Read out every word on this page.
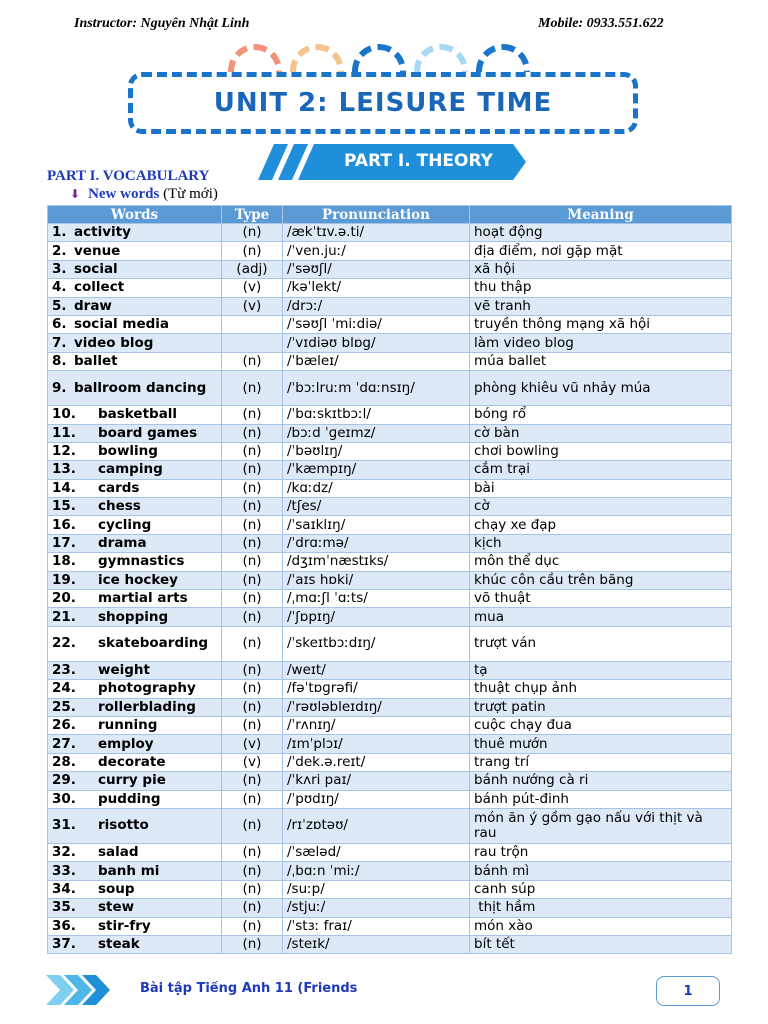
Instructor: Nguyên Nhật Linh	Mobile: 0933.551.622
UNIT 2: LEISURE TIME
PART I. THEORY
PART I. VOCABULARY
⬇ New words (Từ mới)
Words	Type	Pronunciation	Meaning
1. activity	(n)	/ækˈtɪv.ə.ti/	hoạt động
2. venue	(n)	/ˈven.juː/	địa điểm, nơi gặp mặt
3. social	(adj)	/ˈsəʊʃl/	xã hội
4. collect	(v)	/kəˈlekt/	thu thập
5. draw	(v)	/drɔː/	vẽ tranh
6. social media		/ˈsəʊʃl ˈmiːdiə/	truyền thông mạng xã hội
7. video blog		/ˈvɪdiəʊ blɒg/	làm video blog
8. ballet	(n)	/ˈbæleɪ/	múa ballet
9. ballroom dancing	(n)	/ˈbɔːlruːm ˈdɑːnsɪŋ/	phòng khiêu vũ nhảy múa
10. basketball	(n)	/ˈbɑːskɪtbɔːl/	bóng rổ
11. board games	(n)	/bɔːd ˈɡeɪmz/	cờ bàn
12. bowling	(n)	/ˈbəʊlɪŋ/	chơi bowling
13. camping	(n)	/ˈkæmpɪŋ/	cắm trại
14. cards	(n)	/kɑːdz/	bài
15. chess	(n)	/tʃes/	cờ
16. cycling	(n)	/ˈsaɪklɪŋ/	chạy xe đạp
17. drama	(n)	/ˈdrɑːmə/	kịch
18. gymnastics	(n)	/dʒɪmˈnæstɪks/	môn thể dục
19. ice hockey	(n)	/ˈaɪs hɒki/	khúc côn cầu trên băng
20. martial arts	(n)	/ˌmɑːʃl ˈɑːts/	võ thuật
21. shopping	(n)	/ˈʃɒpɪŋ/	mua
22. skateboarding	(n)	/ˈskeɪtbɔːdɪŋ/	trượt ván
23. weight	(n)	/weɪt/	tạ
24. photography	(n)	/fəˈtɒɡrəfi/	thuật chụp ảnh
25. rollerblading	(n)	/ˈrəʊləbleɪdɪŋ/	trượt patin
26. running	(n)	/ˈrʌnɪŋ/	cuộc chạy đua
27. employ	(v)	/ɪmˈplɔɪ/	thuê mướn
28. decorate	(v)	/ˈdek.ə.reɪt/	trang trí
29. curry pie	(n)	/ˈkʌri paɪ/	bánh nướng cà ri
30. pudding	(n)	/ˈpʊdɪŋ/	bánh pút-đinh
31. risotto	(n)	/rɪˈzɒtəʊ/	món ăn ý gồm gạo nấu với thịt và rau
32. salad	(n)	/ˈsæləd/	rau trộn
33. banh mi	(n)	/ˌbɑːn ˈmiː/	bánh mì
34. soup	(n)	/suːp/	canh súp
35. stew	(n)	/stjuː/	thịt hầm
36. stir-fry	(n)	/ˈstɜː fraɪ/	món xào
37. steak	(n)	/steɪk/	bít tết
Bài tập Tiếng Anh 11 (Friends	1
